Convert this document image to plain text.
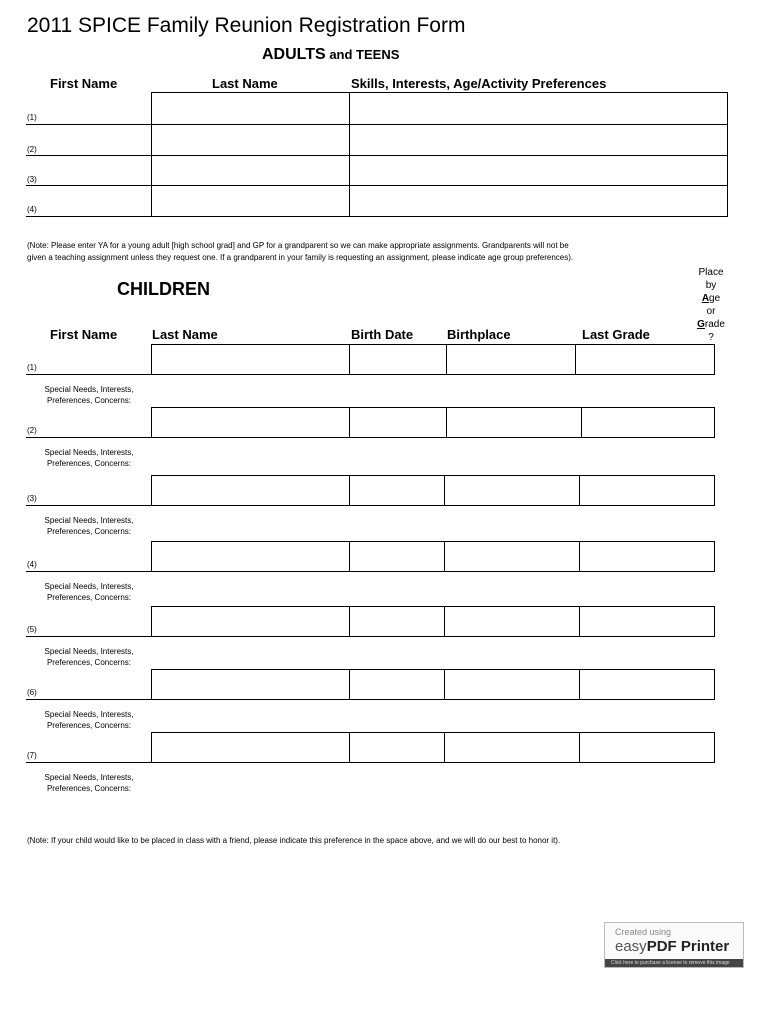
2011 SPICE Family Reunion Registration Form
ADULTS and TEENS
First Name	Last Name	Skills, Interests, Age/Activity Preferences
(1)
(2)
(3)
(4)
(Note: Please enter YA for a young adult [high school grad] and GP for a grandparent so we can make appropriate assignments. Grandparents will not be
given a teaching assignment unless they request one. If a grandparent in your family is requesting an assignment, please indicate age group preferences).
CHILDREN
Place
by
Age
or
Grade
?
First Name	Last Name	Birth Date	Birthplace	Last Grade
(1)
Special Needs, Interests,
Preferences, Concerns:
(2)
Special Needs, Interests,
Preferences, Concerns:
(3)
Special Needs, Interests,
Preferences, Concerns:
(4)
Special Needs, Interests,
Preferences, Concerns:
(5)
Special Needs, Interests,
Preferences, Concerns:
(6)
Special Needs, Interests,
Preferences, Concerns:
(7)
Special Needs, Interests,
Preferences, Concerns:
(Note: If your child would like to be placed in class with a friend, please indicate this preference in the space above, and we will do our best to honor it).
Created using
easyPDF Printer
Click here to purchase a license to remove this image
